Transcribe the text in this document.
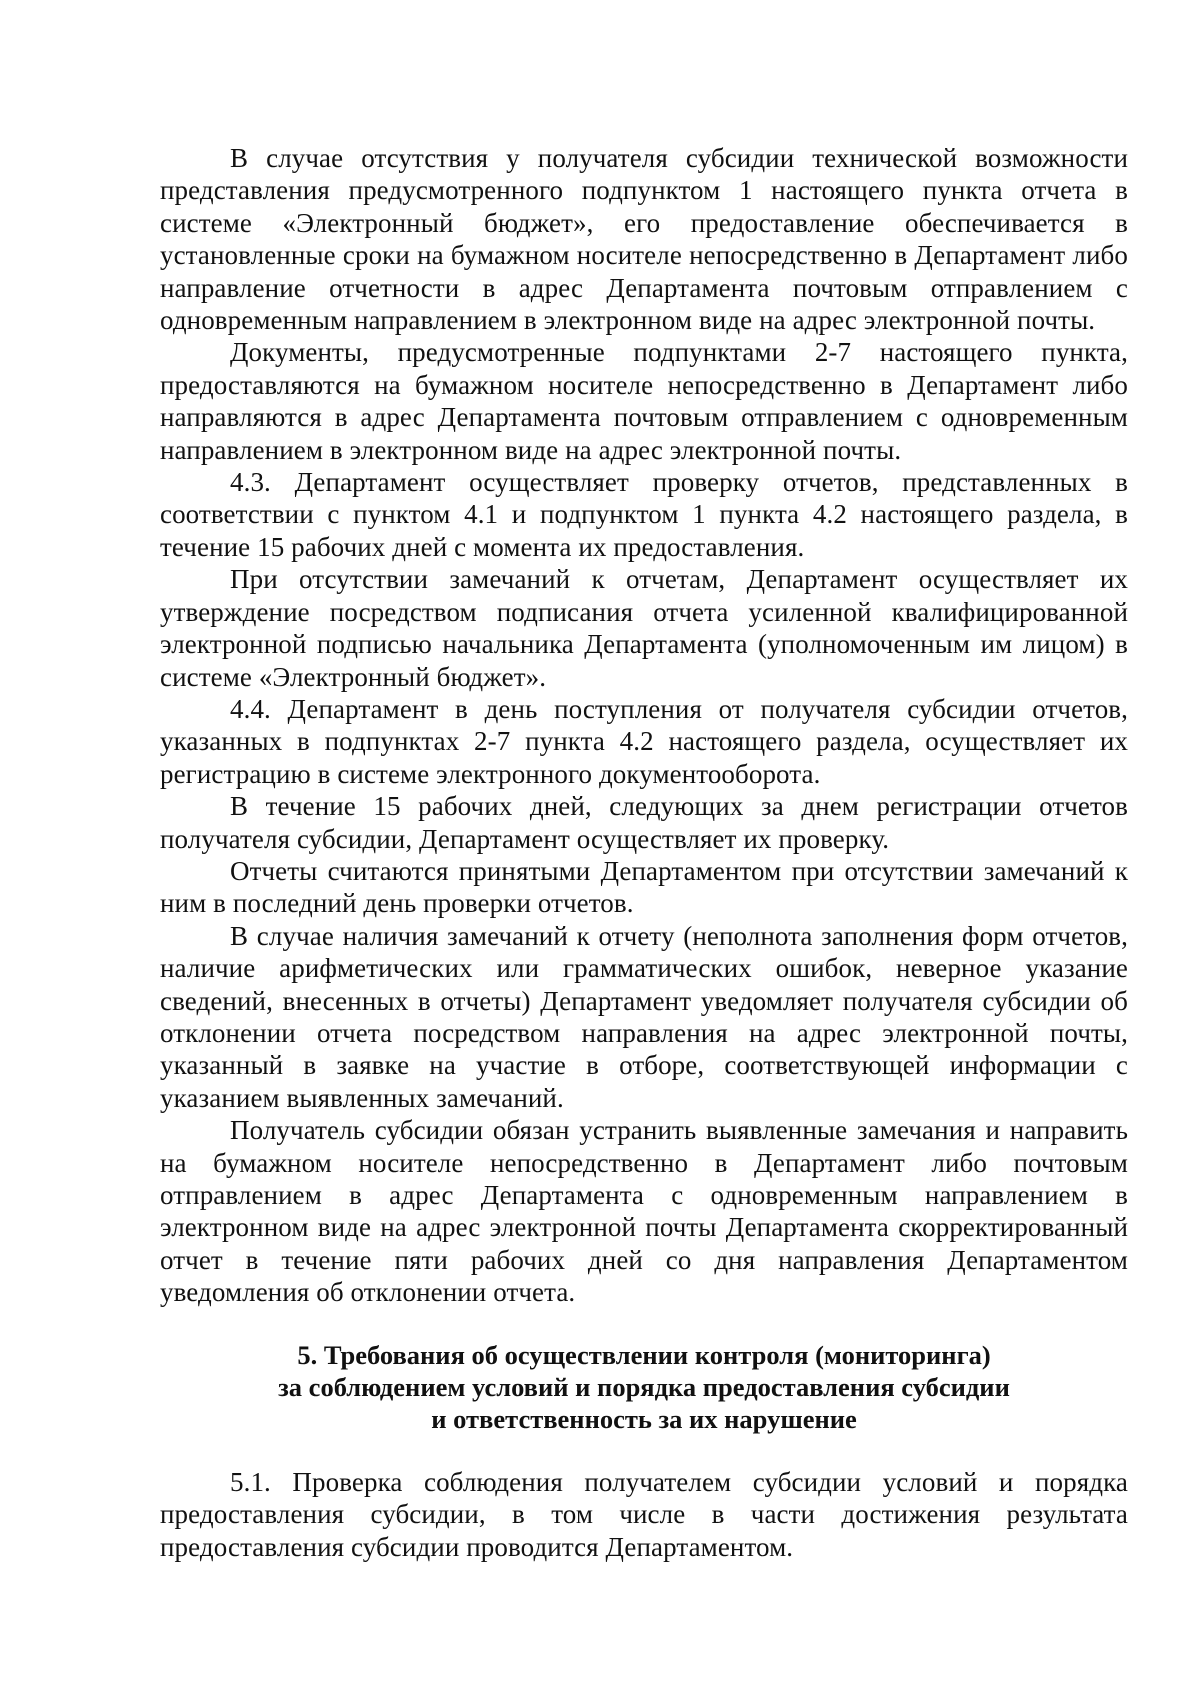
В случае отсутствия у получателя субсидии технической возможности представления предусмотренного подпунктом 1 настоящего пункта отчета в системе «Электронный бюджет», его предоставление обеспечивается в установленные сроки на бумажном носителе непосредственно в Департамент либо направление отчетности в адрес Департамента почтовым отправлением с одновременным направлением в электронном виде на адрес электронной почты.

Документы, предусмотренные подпунктами 2-7 настоящего пункта, предоставляются на бумажном носителе непосредственно в Департамент либо направляются в адрес Департамента почтовым отправлением с одновременным направлением в электронном виде на адрес электронной почты.

4.3. Департамент осуществляет проверку отчетов, представленных в соответствии с пунктом 4.1 и подпунктом 1 пункта 4.2 настоящего раздела, в течение 15 рабочих дней с момента их предоставления.

При отсутствии замечаний к отчетам, Департамент осуществляет их утверждение посредством подписания отчета усиленной квалифицированной электронной подписью начальника Департамента (уполномоченным им лицом) в системе «Электронный бюджет».

4.4. Департамент в день поступления от получателя субсидии отчетов, указанных в подпунктах 2-7 пункта 4.2 настоящего раздела, осуществляет их регистрацию в системе электронного документооборота.

В течение 15 рабочих дней, следующих за днем регистрации отчетов получателя субсидии, Департамент осуществляет их проверку.

Отчеты считаются принятыми Департаментом при отсутствии замечаний к ним в последний день проверки отчетов.

В случае наличия замечаний к отчету (неполнота заполнения форм отчетов, наличие арифметических или грамматических ошибок, неверное указание сведений, внесенных в отчеты) Департамент уведомляет получателя субсидии об отклонении отчета посредством направления на адрес электронной почты, указанный в заявке на участие в отборе, соответствующей информации с указанием выявленных замечаний.

Получатель субсидии обязан устранить выявленные замечания и направить на бумажном носителе непосредственно в Департамент либо почтовым отправлением в адрес Департамента с одновременным направлением в электронном виде на адрес электронной почты Департамента скорректированный отчет в течение пяти рабочих дней со дня направления Департаментом уведомления об отклонении отчета.

5. Требования об осуществлении контроля (мониторинга)
за соблюдением условий и порядка предоставления субсидии
и ответственность за их нарушение

5.1. Проверка соблюдения получателем субсидии условий и порядка предоставления субсидии, в том числе в части достижения результата предоставления субсидии проводится Департаментом.
